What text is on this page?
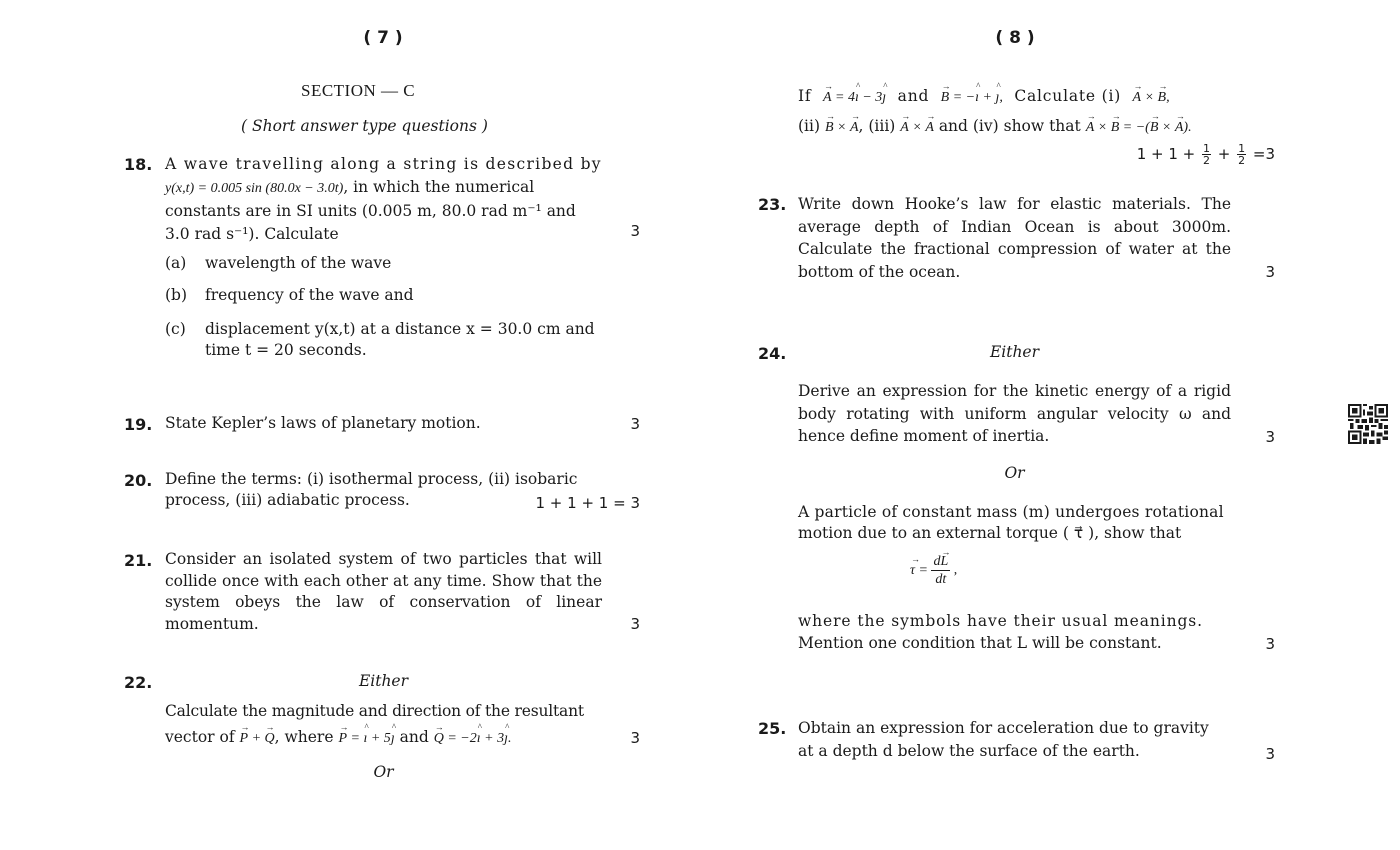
( 7 )
SECTION — C
( Short answer type questions )
18. A wave travelling along a string is described by
y(x,t) = 0.005 sin (80.0x − 3.0t), in which the numerical
constants are in SI units (0.005 m, 80.0 rad m⁻¹ and
3.0 rad s⁻¹). Calculate	3
(a) wavelength of the wave
(b) frequency of the wave and
(c) displacement y(x,t) at a distance x = 30.0 cm and
time t = 20 seconds.
19. State Kepler’s laws of planetary motion.	3
20. Define the terms: (i) isothermal process, (ii) isobaric
process, (iii) adiabatic process.	1 + 1 + 1 = 3
21. Consider an isolated system of two particles that will collide once with each other at any time. Show that the system obeys the law of conservation of linear momentum.	3
22.	Either
Calculate the magnitude and direction of the resultant
vector of → P + → Q, where → P = ^ ı + 5^ ȷ and → Q = −2^ ı + 3^ ȷ.	3
Or
( 8 )
If → A = 4^ ı − 3^ ȷ and → B = −^ ı + ^ ȷ, Calculate (i) → A × → B,
(ii) → B × → A, (iii) → A × → A and (iv) show that → A × → B = −(→ B × → A).
$1 + 1 + \frac{1}{2} + \frac{1}{2} =3$
23. Write down Hooke’s law for elastic materials. The average depth of Indian Ocean is about 3000m. Calculate the fractional compression of water at the bottom of the ocean.	3
24.	Either
Derive an expression for the kinetic energy of a rigid body rotating with uniform angular velocity ω and hence define moment of inertia.	3
Or
A particle of constant mass (m) undergoes rotational
motion due to an external torque ( τ⃗ ), show that
→ $\tau = \frac{d\to L}{dt}$ ,
where the symbols have their usual meanings.
Mention one condition that L will be constant.	3
25. Obtain an expression for acceleration due to gravity
at a depth d below the surface of the earth.	3
